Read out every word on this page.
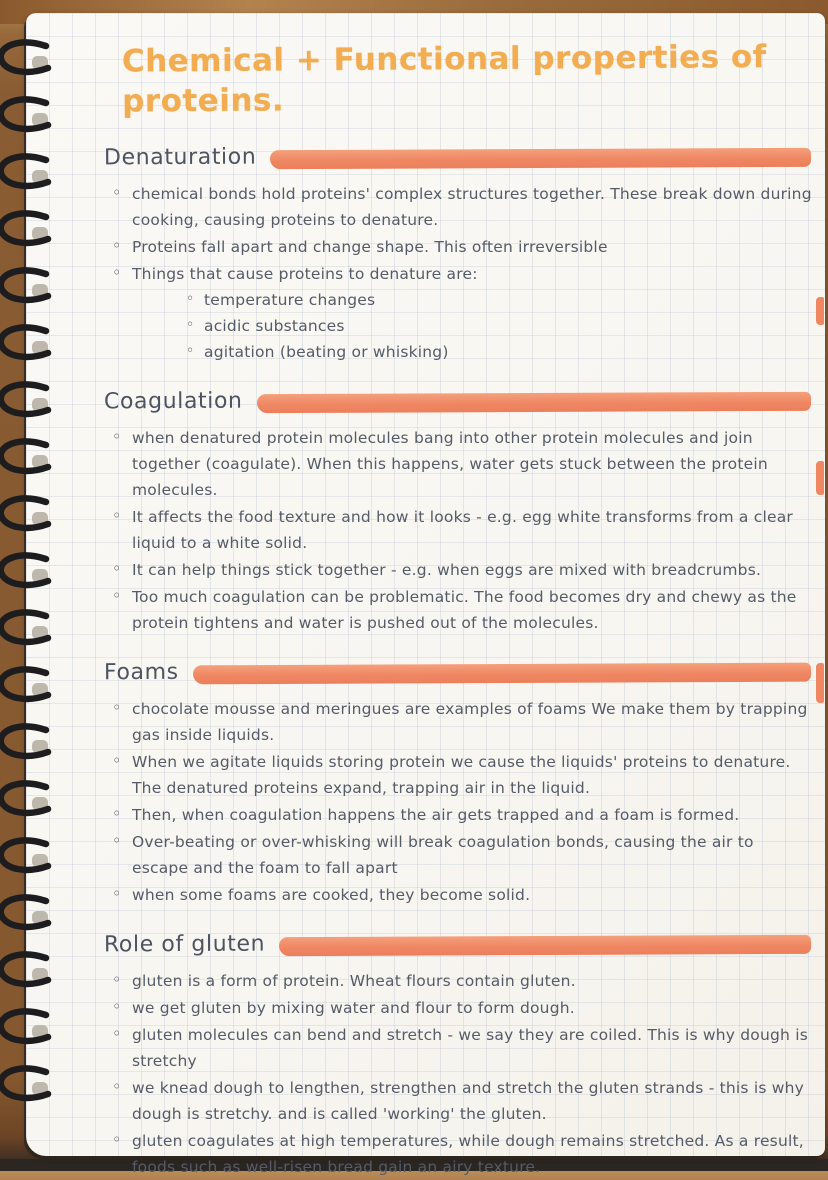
Chemical + Functional properties of proteins.
Denaturation
◦ chemical bonds hold proteins' complex structures together. These break down during cooking, causing proteins to denature.
◦ Proteins fall apart and change shape. This often irreversible
◦ Things that cause proteins to denature are:
◦ temperature changes
◦ acidic substances
◦ agitation (beating or whisking)
Coagulation
◦ when denatured protein molecules bang into other protein molecules and join together (coagulate). When this happens, water gets stuck between the protein molecules.
◦ It affects the food texture and how it looks - e.g. egg white transforms from a clear liquid to a white solid.
◦ It can help things stick together - e.g. when eggs are mixed with breadcrumbs.
◦ Too much coagulation can be problematic. The food becomes dry and chewy as the protein tightens and water is pushed out of the molecules.
Foams
◦ chocolate mousse and meringues are examples of foams We make them by trapping gas inside liquids.
◦ When we agitate liquids storing protein we cause the liquids' proteins to denature. The denatured proteins expand, trapping air in the liquid.
◦ Then, when coagulation happens the air gets trapped and a foam is formed.
◦ Over-beating or over-whisking will break coagulation bonds, causing the air to escape and the foam to fall apart
◦ when some foams are cooked, they become solid.
Role of gluten
◦ gluten is a form of protein. Wheat flours contain gluten.
◦ we get gluten by mixing water and flour to form dough.
◦ gluten molecules can bend and stretch - we say they are coiled. This is why dough is stretchy
◦ we knead dough to lengthen, strengthen and stretch the gluten strands - this is why dough is stretchy. and is called 'working' the gluten.
◦ gluten coagulates at high temperatures, while dough remains stretched. As a result, foods such as well-risen bread gain an airy texture.
